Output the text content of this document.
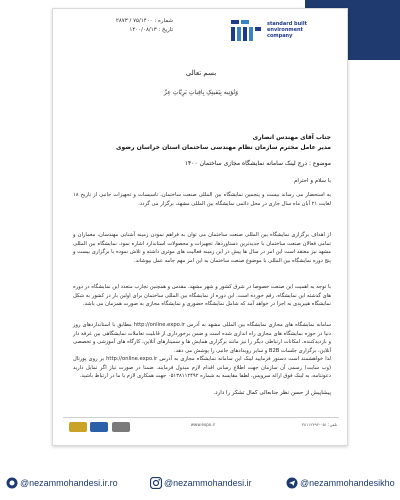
شماره : ۷۵/۱۴۰۰ / ۲۸۷۳
تاریخ : ۱۴۰۰/۰۸/۱۳
standard built environment company
بسم تعالی
وَتُؤتِیه بِیَقینِکِ بِاقِیاتِ بَرِیّاتِ عِزّ
جناب آقای مهندس انصاری
مدیر عامل محترم سازمان نظام مهندسی ساختمان استان خراسان رضوی
موضوع : درج لینک سامانه نمایشگاه مجازی ساختمان ۱۴۰۰
با سلام و احترام
به استحضار می رساند بیست و پنجمین نمایشگاه بین المللی صنعت ساختمان، تاسیسات و تجهیزات جانبی از تاریخ ۱۸ لغایت ۲۱ آبان ماه سال جاری در محل دائمی نمایشگاه بین المللی مشهد، برگزار می گردد.
از اهداف برگزاری نمایشگاه بین المللی صنعت ساختمان می توان به فراهم نمودن زمینه آشنایی مهندسان، معماران و تمامی فعالان صنعت ساختمان با جدیدترین دستاوردها، تجهیزات و محصولات استاندارد اشاره نمود. نمایشگاه بین المللی مشهد نیز معتقد است این امر در سال ها پیش در این زمینه فعالیت های موثری داشته و تلاش نموده با برگزاری بیست و پنج دوره نمایشگاه بین المللی با موضوع صنعت ساختمان به این امر مهم جامه عمل بپوشاند.
با توجه به اهمیت این صنعت خصوصا در شرق کشور و شهر مشهد، مقدس و همچنین تجارب متعدد این نمایشگاه در دوره های گذشته این نمایشگاه، رقم خورده است. این دوره از نمایشگاه بین المللی ساختمان برای اولین بار در کشور به شکل نمایشگاه هیبریدی به اجرا در خواهد آمد که شامل نمایشگاه حضوری و نمایشگاه مجازی به صورت همزمان می باشد.
سامانه نمایشگاه های مجازی نمایشگاه بین المللی مشهد به آدرس http://online.expo.ir مطابق با استانداردهای روز دنیا در حوزه نمایشگاه های مجازی راه اندازی شده است و ضمن برخورداری از قابلیت تعاملات نمایشگاهی بین غرفه دار و بازدیدکننده، امکانات ارتباطی دیگر را نیز مانند برگزاری همایش ها و سمینارهای آنلاین، کارگاه های آموزشی و تخصصی آنلاین، برگزاری جلسات B2B و سایر رویدادهای جانبی را پوشش می دهد.
لذا خواهشمند است دستور فرمایید لینک این سامانه نمایشگاه مجازی به آدرس http://online.expo.ir بر روی پورتال (وب سایت) رسمی آن سازمان جهت اطلاع رسانی اقدام لازم مبذول فرمایند. ضمنا در صورت نیاز اگر تمایل دارید دعوتنامه، به لینک فوق ارائه سرویس، لطفا مقایسه به شماره ۰۵۱۳۸۱۱۲۴۹۲ جهت همکاری لازم با ما در ارتباط باشید.
پیشاپیش از حسن نظر جنابعالی کمال تشکر را دارد.

www.expo.ir	تلفن: ۰۵۱-۳۸۱۱۲۴۹۲
@nezammohandesi.ir.ro	@nezammohandesi.ir	@nezammohandesikho
